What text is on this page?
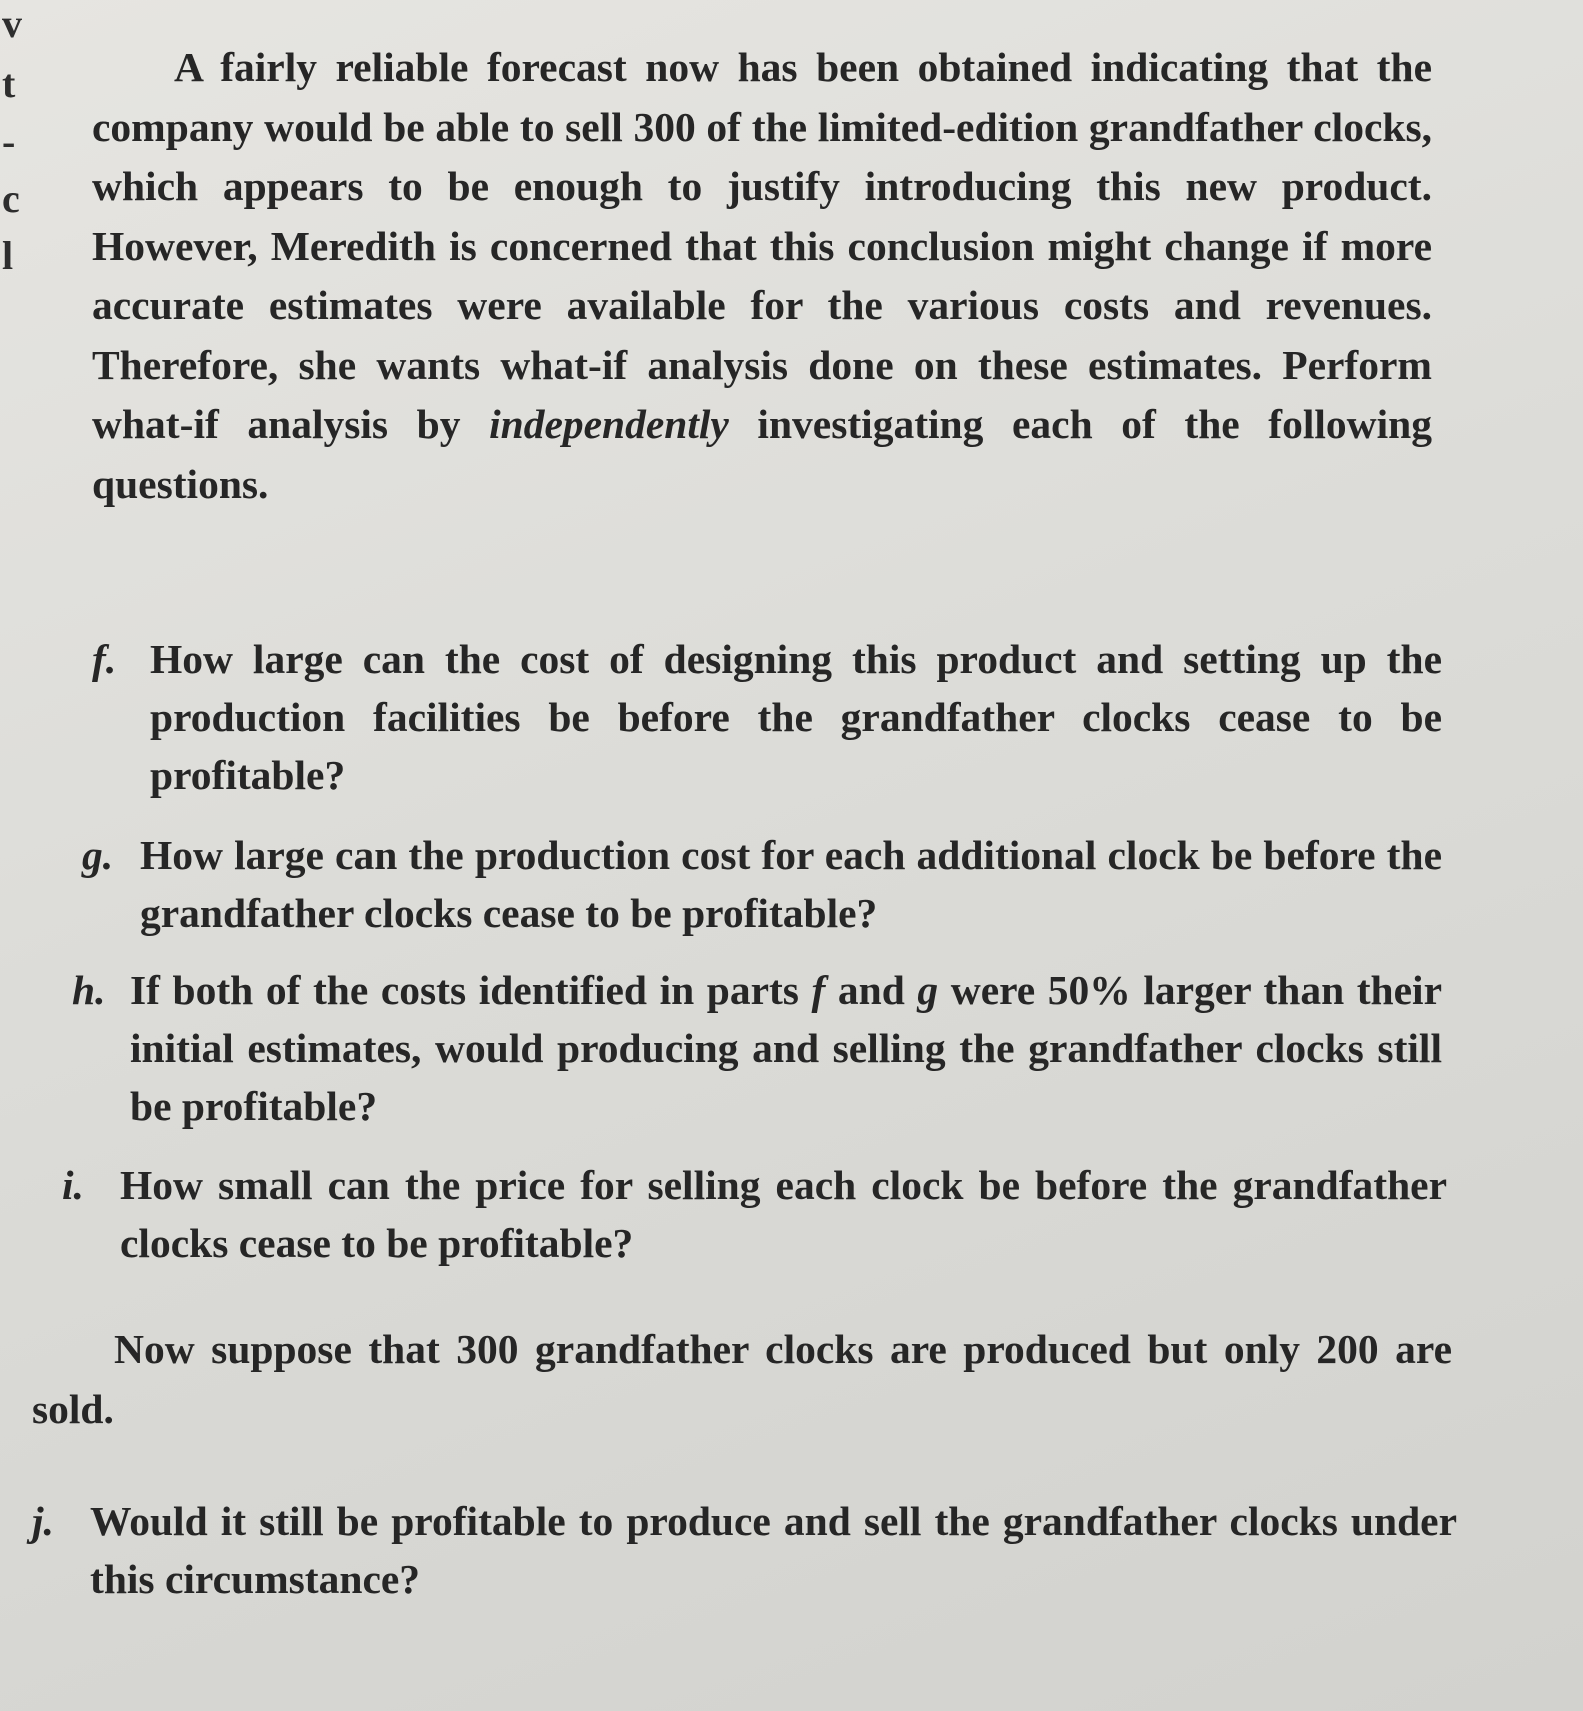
v
t
-
c
l

A fairly reliable forecast now has been obtained indicating that the company would be able to sell 300 of the limited-edition grandfather clocks, which appears to be enough to justify introducing this new product. However, Meredith is concerned that this conclusion might change if more accurate estimates were available for the various costs and revenues. Therefore, she wants what-if analysis done on these estimates. Perform what-if analysis by independently investigating each of the following questions.

f. How large can the cost of designing this product and setting up the production facilities be before the grandfather clocks cease to be profitable?
g. How large can the production cost for each additional clock be before the grandfather clocks cease to be profitable?
h. If both of the costs identified in parts f and g were 50% larger than their initial estimates, would producing and selling the grandfather clocks still be profitable?
i. How small can the price for selling each clock be before the grandfather clocks cease to be profitable?

Now suppose that 300 grandfather clocks are produced but only 200 are sold.

j. Would it still be profitable to produce and sell the grandfather clocks under this circumstance?
